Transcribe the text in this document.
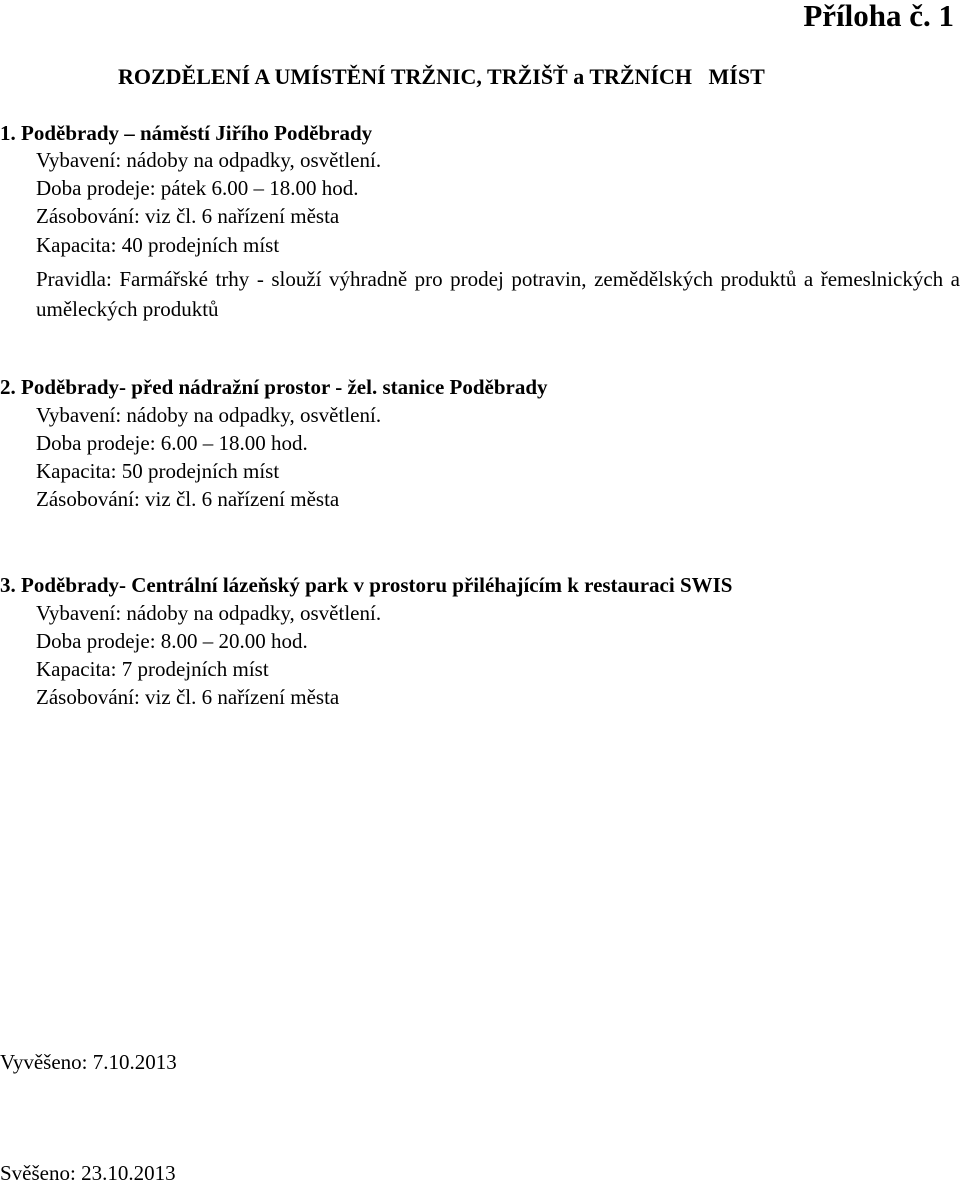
Příloha č. 1
ROZDĚLENÍ A UMÍSTĚNÍ TRŽNIC, TRŽIŠŤ a TRŽNÍCH   MÍST
1. Poděbrady – náměstí Jiřího Poděbrady
Vybavení: nádoby na odpadky, osvětlení.
Doba prodeje: pátek 6.00 – 18.00 hod.
Zásobování: viz čl. 6 nařízení města
Kapacita: 40 prodejních míst
Pravidla: Farmářské trhy - slouží výhradně pro prodej potravin, zemědělských produktů a řemeslnických a uměleckých produktů
2. Poděbrady- před nádražní prostor - žel. stanice Poděbrady
Vybavení: nádoby na odpadky, osvětlení.
Doba prodeje: 6.00 – 18.00 hod.
Kapacita: 50 prodejních míst
Zásobování: viz čl. 6 nařízení města
3. Poděbrady- Centrální lázeňský park v prostoru přiléhajícím k restauraci SWIS
Vybavení: nádoby na odpadky, osvětlení.
Doba prodeje: 8.00 – 20.00 hod.
Kapacita: 7 prodejních míst
Zásobování: viz čl. 6 nařízení města
Vyvěšeno: 7.10.2013
Svěšeno: 23.10.2013
